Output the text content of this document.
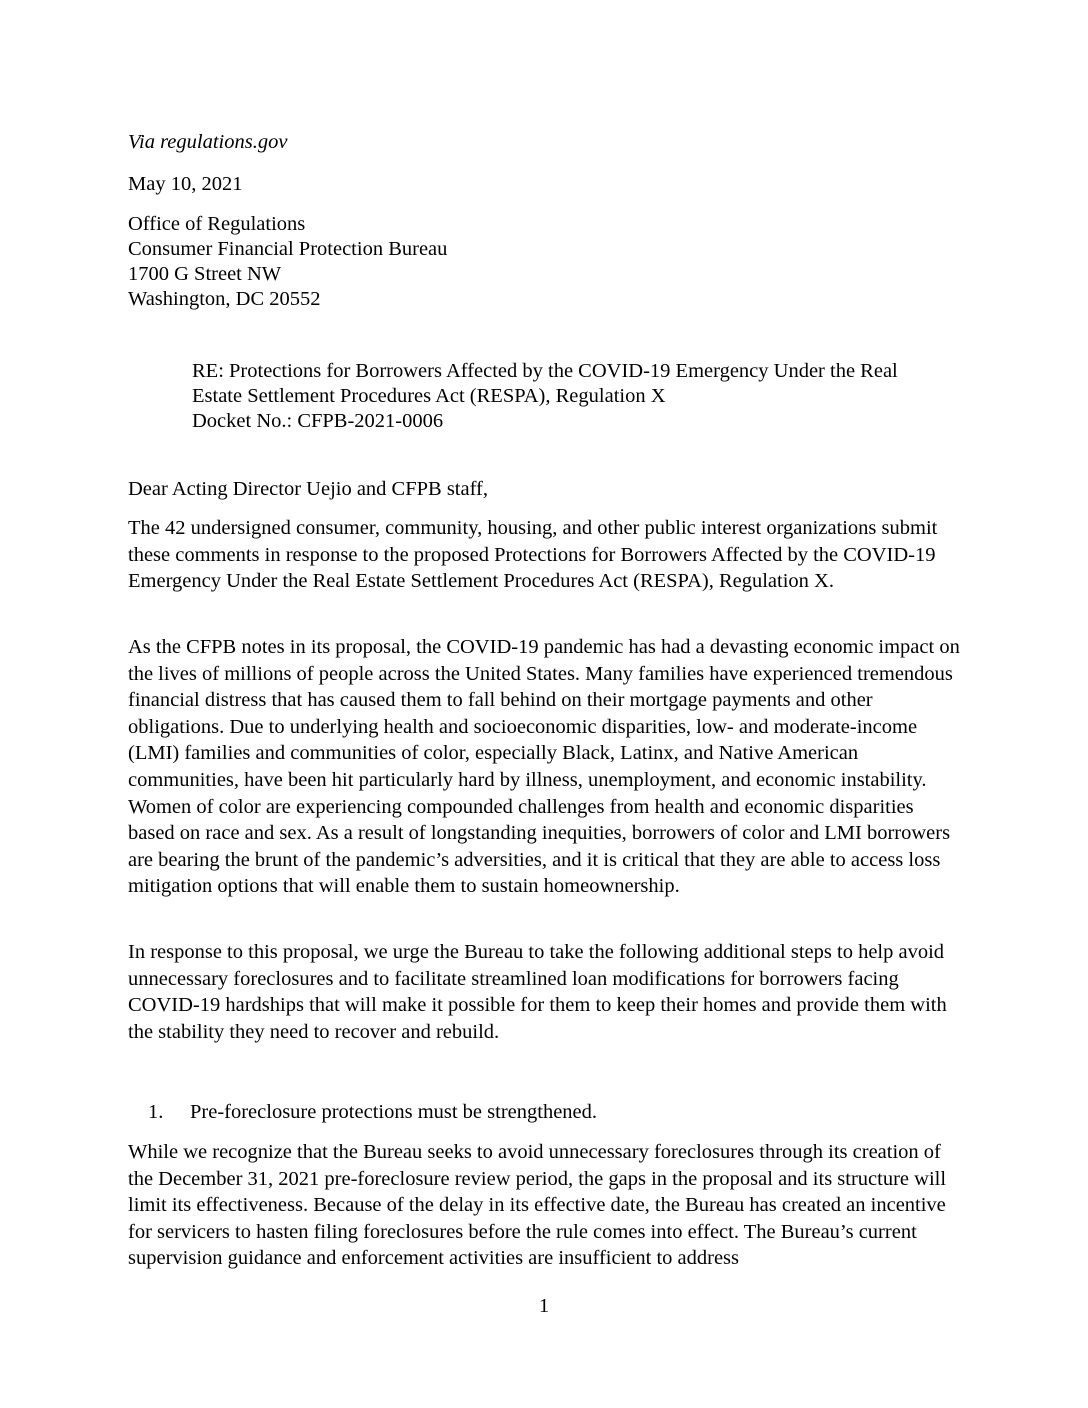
Via regulations.gov
May 10, 2021
Office of Regulations
Consumer Financial Protection Bureau
1700 G Street NW
Washington, DC 20552
RE: Protections for Borrowers Affected by the COVID-19 Emergency Under the Real
Estate Settlement Procedures Act (RESPA), Regulation X
Docket No.: CFPB-2021-0006
Dear Acting Director Uejio and CFPB staff,
The 42 undersigned consumer, community, housing, and other public interest organizations submit these comments in response to the proposed Protections for Borrowers Affected by the COVID-19 Emergency Under the Real Estate Settlement Procedures Act (RESPA), Regulation X.
As the CFPB notes in its proposal, the COVID-19 pandemic has had a devasting economic impact on the lives of millions of people across the United States. Many families have experienced tremendous financial distress that has caused them to fall behind on their mortgage payments and other obligations. Due to underlying health and socioeconomic disparities, low- and moderate-income (LMI) families and communities of color, especially Black, Latinx, and Native American communities, have been hit particularly hard by illness, unemployment, and economic instability. Women of color are experiencing compounded challenges from health and economic disparities based on race and sex. As a result of longstanding inequities, borrowers of color and LMI borrowers are bearing the brunt of the pandemic’s adversities, and it is critical that they are able to access loss mitigation options that will enable them to sustain homeownership.
In response to this proposal, we urge the Bureau to take the following additional steps to help avoid unnecessary foreclosures and to facilitate streamlined loan modifications for borrowers facing COVID-19 hardships that will make it possible for them to keep their homes and provide them with the stability they need to recover and rebuild.
1. Pre-foreclosure protections must be strengthened.
While we recognize that the Bureau seeks to avoid unnecessary foreclosures through its creation of the December 31, 2021 pre-foreclosure review period, the gaps in the proposal and its structure will limit its effectiveness. Because of the delay in its effective date, the Bureau has created an incentive for servicers to hasten filing foreclosures before the rule comes into effect. The Bureau’s current supervision guidance and enforcement activities are insufficient to address
1
